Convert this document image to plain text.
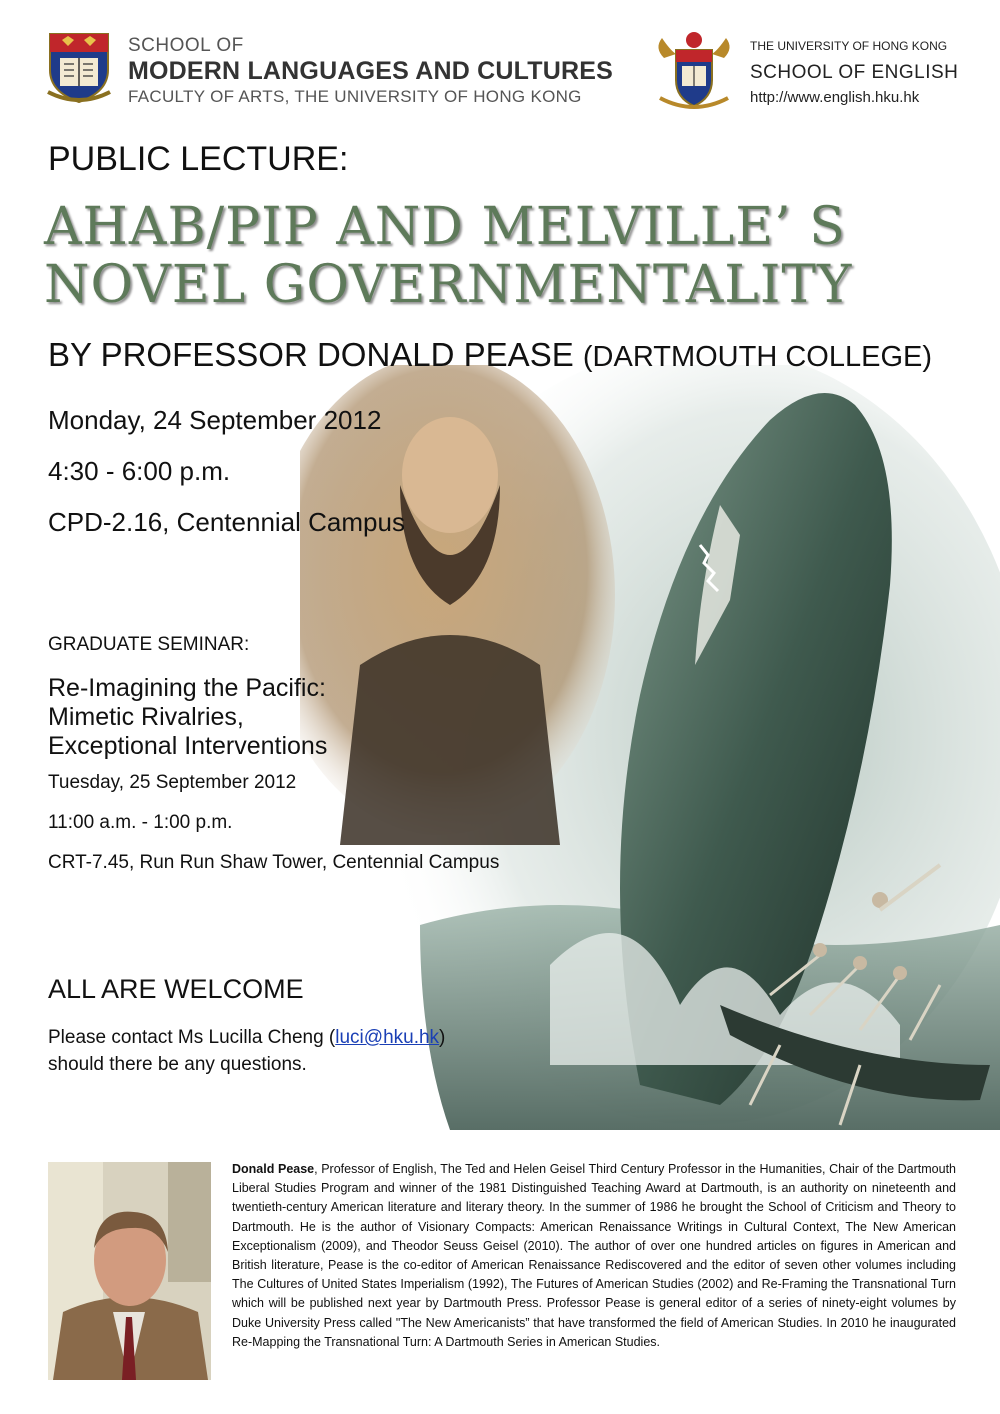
SCHOOL OF
MODERN LANGUAGES AND CULTURES
FACULTY OF ARTS, THE UNIVERSITY OF HONG KONG
THE UNIVERSITY OF HONG KONG
SCHOOL OF ENGLISH
http://www.english.hku.hk
PUBLIC LECTURE:
AHAB/PIP AND MELVILLE’ S
NOVEL GOVERNMENTALITY
BY PROFESSOR DONALD PEASE (DARTMOUTH COLLEGE)
Monday, 24 September 2012
4:30 - 6:00 p.m.
CPD-2.16, Centennial Campus
GRADUATE SEMINAR:
Re-Imagining the Pacific:
Mimetic Rivalries,
Exceptional Interventions
Tuesday, 25 September 2012
11:00 a.m. - 1:00 p.m.
CRT-7.45, Run Run Shaw Tower, Centennial Campus
ALL ARE WELCOME
Please contact Ms Lucilla Cheng (luci@hku.hk)
should there be any questions.
Donald Pease, Professor of English, The Ted and Helen Geisel Third Century Professor in the Humanities, Chair of the Dartmouth Liberal Studies Program and winner of the 1981 Distinguished Teaching Award at Dartmouth, is an authority on nineteenth and twentieth-century American literature and literary theory. In the summer of 1986 he brought the School of Criticism and Theory to Dartmouth. He is the author of Visionary Compacts: American Renaissance Writings in Cultural Context, The New American Exceptionalism (2009), and Theodor Seuss Geisel (2010). The author of over one hundred articles on figures in American and British literature, Pease is the co-editor of American Renaissance Rediscovered and the editor of seven other volumes including The Cultures of United States Imperialism (1992), The Futures of American Studies (2002) and Re-Framing the Transnational Turn which will be published next year by Dartmouth Press. Professor Pease is general editor of a series of ninety-eight volumes by Duke University Press called "The New Americanists” that have transformed the field of American Studies. In 2010 he inaugurated Re-Mapping the Transnational Turn: A Dartmouth Series in American Studies.
